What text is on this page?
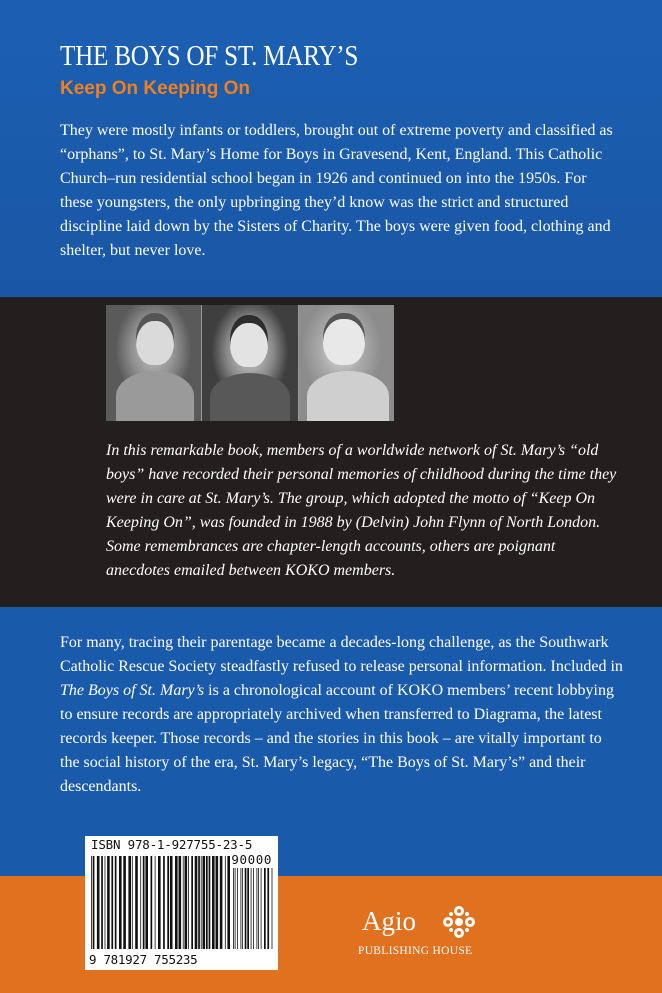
THE BOYS OF ST. MARY’S
Keep On Keeping On

They were mostly infants or toddlers, brought out of extreme poverty and classified as “orphans”, to St. Mary’s Home for Boys in Gravesend, Kent, England. This Catholic Church–run residential school began in 1926 and continued on into the 1950s. For these youngsters, the only upbringing they’d know was the strict and structured discipline laid down by the Sisters of Charity. The boys were given food, clothing and shelter, but never love.

In this remarkable book, members of a worldwide network of St. Mary’s “old boys” have recorded their personal memories of childhood during the time they were in care at St. Mary’s. The group, which adopted the motto of “Keep On Keeping On”, was founded in 1988 by (Delvin) John Flynn of North London. Some remembrances are chapter-length accounts, others are poignant anecdotes emailed between KOKO members.

For many, tracing their parentage became a decades-long challenge, as the Southwark Catholic Rescue Society steadfastly refused to release personal information. Included in The Boys of St. Mary’s is a chronological account of KOKO members’ recent lobbying to ensure records are appropriately archived when transferred to Diagrama, the latest records keeper. Those records – and the stories in this book – are vitally important to the social history of the era, St. Mary’s legacy, “The Boys of St. Mary’s” and their descendants.

ISBN 978-1-927755-23-5
90000
9 781927 755235
Agio
PUBLISHING HOUSE
